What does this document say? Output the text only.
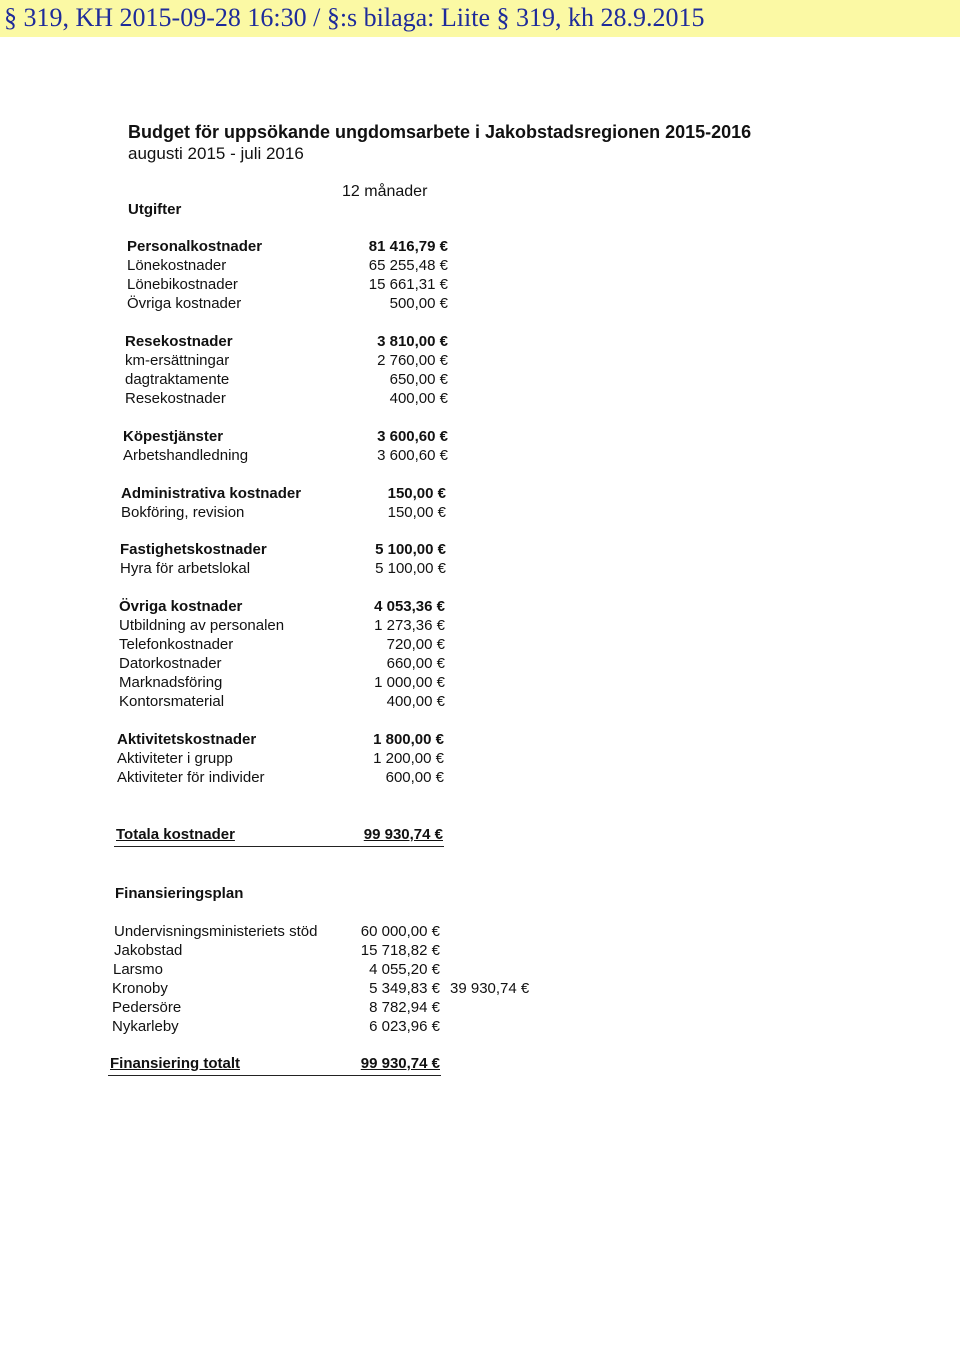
§ 319, KH 2015-09-28 16:30 / §:s bilaga: Liite § 319, kh 28.9.2015
Budget för uppsökande ungdomsarbete i Jakobstadsregionen 2015-2016
augusti 2015 - juli 2016
12 månader
Utgifter
Personalkostnader	81 416,79 €
Lönekostnader	65 255,48 €
Lönebikostnader	15 661,31 €
Övriga kostnader	500,00 €
Resekostnader	3 810,00 €
km-ersättningar	2 760,00 €
dagtraktamente	650,00 €
Resekostnader	400,00 €
Köpestjänster	3 600,60 €
Arbetshandledning	3 600,60 €
Administrativa kostnader	150,00 €
Bokföring, revision	150,00 €
Fastighetskostnader	5 100,00 €
Hyra för arbetslokal	5 100,00 €
Övriga kostnader	4 053,36 €
Utbildning av personalen	1 273,36 €
Telefonkostnader	720,00 €
Datorkostnader	660,00 €
Marknadsföring	1 000,00 €
Kontorsmaterial	400,00 €
Aktivitetskostnader	1 800,00 €
Aktiviteter i grupp	1 200,00 €
Aktiviteter för individer	600,00 €
Totala kostnader	99 930,74 €
Finansieringsplan
Undervisningsministeriets stöd	60 000,00 €
Jakobstad	15 718,82 €
Larsmo	4 055,20 €
Kronoby	5 349,83 € 39 930,74 €
Pedersöre	8 782,94 €
Nykarleby	6 023,96 €
Finansiering totalt	99 930,74 €
